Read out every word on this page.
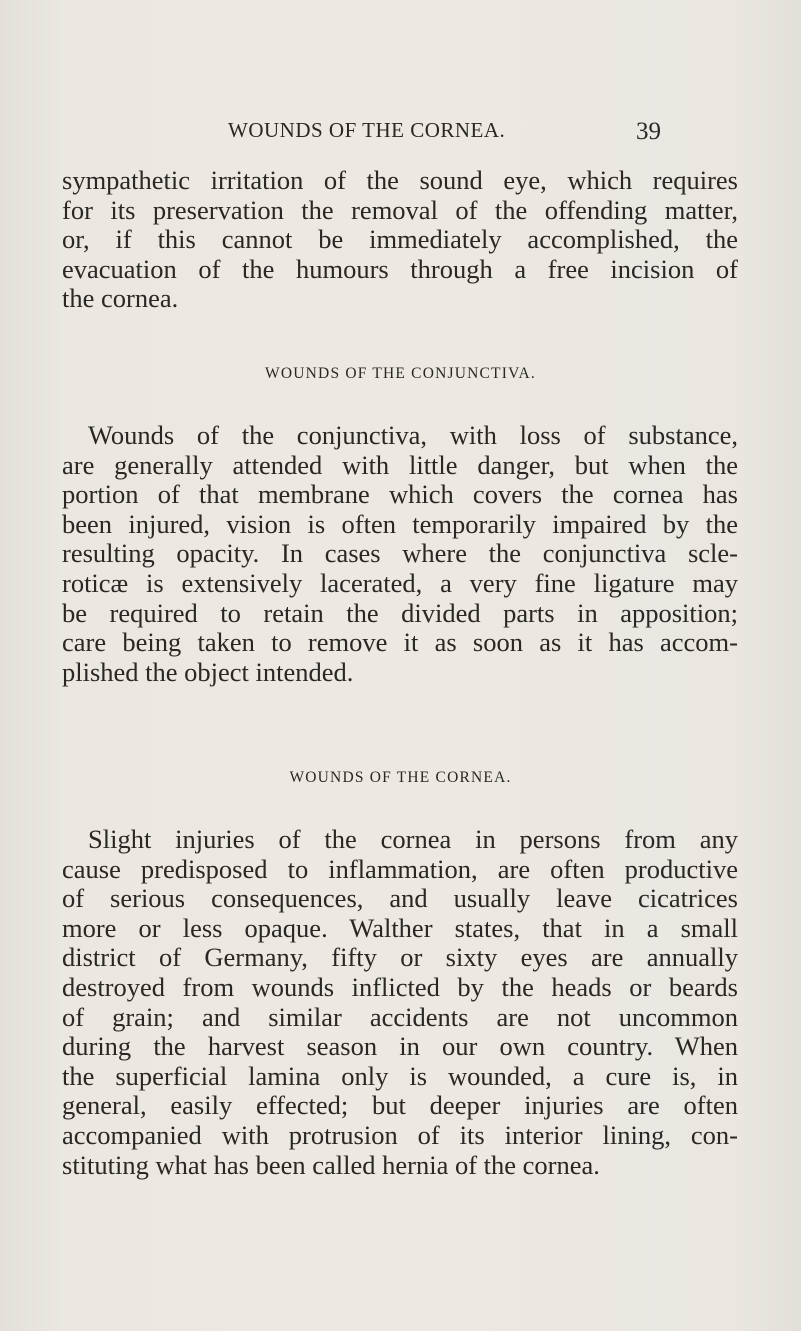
WOUNDS OF THE CORNEA.	39
sympathetic irritation of the sound eye, which requires
for its preservation the removal of the offending matter,
or, if this cannot be immediately accomplished, the
evacuation of the humours through a free incision of
the cornea.
WOUNDS OF THE CONJUNCTIVA.
Wounds of the conjunctiva, with loss of substance,
are generally attended with little danger, but when the
portion of that membrane which covers the cornea has
been injured, vision is often temporarily impaired by the
resulting opacity. In cases where the conjunctiva scle-
roticæ is extensively lacerated, a very fine ligature may
be required to retain the divided parts in apposition;
care being taken to remove it as soon as it has accom-
plished the object intended.
WOUNDS OF THE CORNEA.
Slight injuries of the cornea in persons from any
cause predisposed to inflammation, are often productive
of serious consequences, and usually leave cicatrices
more or less opaque. Walther states, that in a small
district of Germany, fifty or sixty eyes are annually
destroyed from wounds inflicted by the heads or beards
of grain; and similar accidents are not uncommon
during the harvest season in our own country. When
the superficial lamina only is wounded, a cure is, in
general, easily effected; but deeper injuries are often
accompanied with protrusion of its interior lining, con-
stituting what has been called hernia of the cornea.
